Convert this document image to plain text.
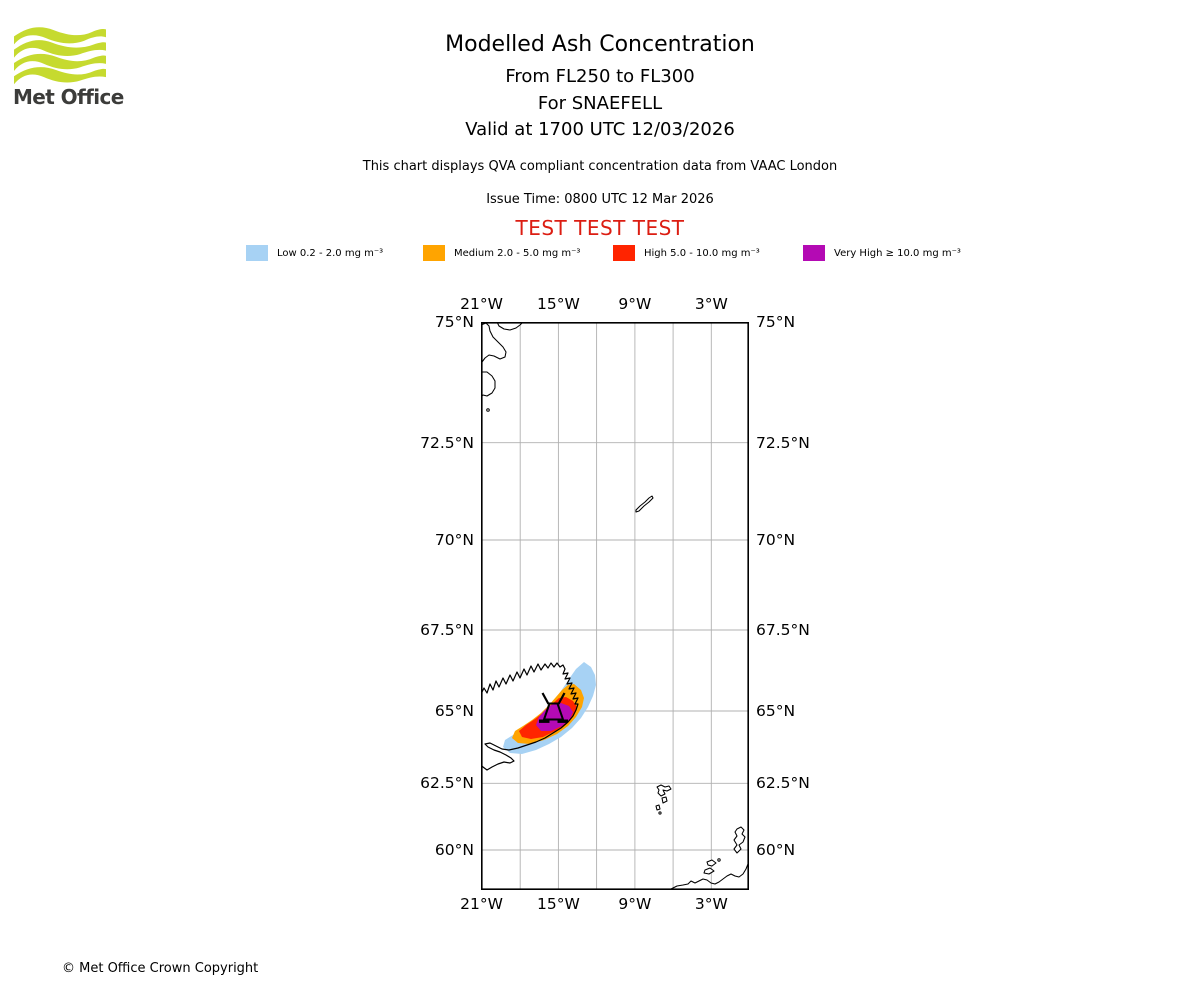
Met Office
Modelled Ash Concentration
From FL250 to FL300
For SNAEFELL
Valid at 1700 UTC 12/03/2026
This chart displays QVA compliant concentration data from VAAC London
Issue Time: 0800 UTC 12 Mar 2026
TEST TEST TEST
Low 0.2 - 2.0 mg m⁻³	Medium 2.0 - 5.0 mg m⁻³	High 5.0 - 10.0 mg m⁻³	Very High ≥ 10.0 mg m⁻³
21°W
21°W
15°W
15°W
9°W
9°W
3°W
3°W
75°N	75°N
72.5°N	72.5°N
70°N	70°N
67.5°N	67.5°N
65°N	65°N
62.5°N	62.5°N
60°N	60°N
© Met Office Crown Copyright
